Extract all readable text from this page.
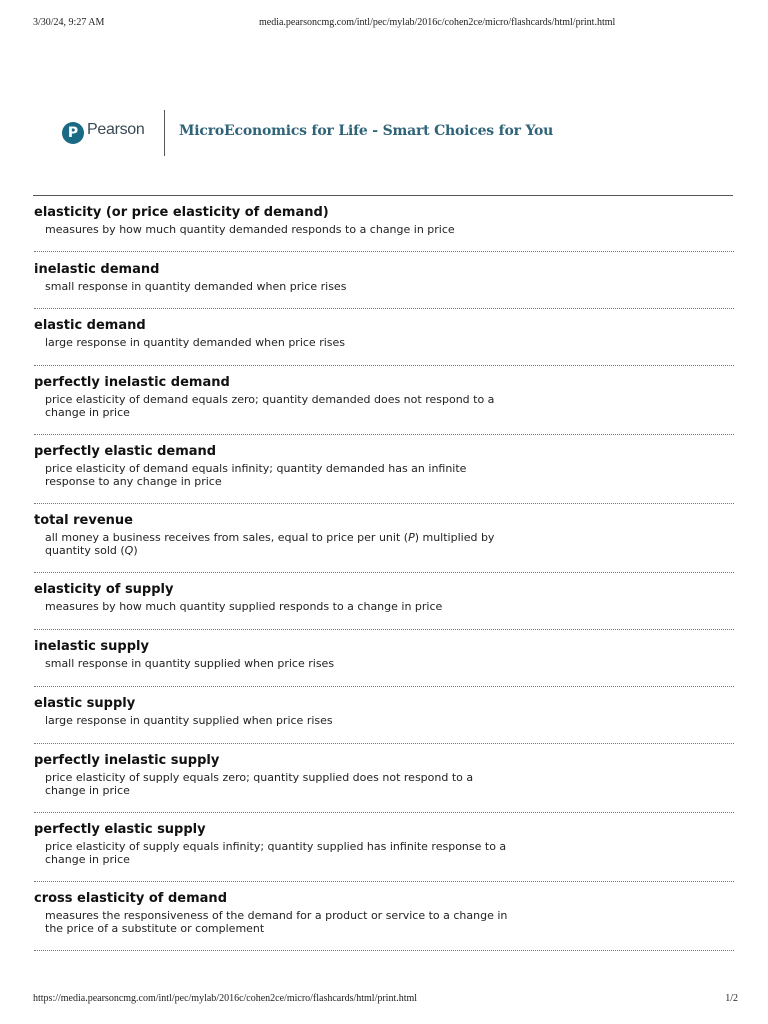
3/30/24, 9:27 AM	media.pearsoncmg.com/intl/pec/mylab/2016c/cohen2ce/micro/flashcards/html/print.html
P Pearson MicroEconomics for Life - Smart Choices for You

elasticity (or price elasticity of demand)

measures by how much quantity demanded responds to a change in price

inelastic demand

small response in quantity demanded when price rises

elastic demand

large response in quantity demanded when price rises

perfectly inelastic demand

price elasticity of demand equals zero; quantity demanded does not respond to a change in price

perfectly elastic demand

price elasticity of demand equals infinity; quantity demanded has an infinite response to any change in price

total revenue

all money a business receives from sales, equal to price per unit (P) multiplied by quantity sold (Q)

elasticity of supply

measures by how much quantity supplied responds to a change in price

inelastic supply

small response in quantity supplied when price rises

elastic supply

large response in quantity supplied when price rises

perfectly inelastic supply

price elasticity of supply equals zero; quantity supplied does not respond to a change in price

perfectly elastic supply

price elasticity of supply equals infinity; quantity supplied has infinite response to a change in price

cross elasticity of demand

measures the responsiveness of the demand for a product or service to a change in the price of a substitute or complement

https://media.pearsoncmg.com/intl/pec/mylab/2016c/cohen2ce/micro/flashcards/html/print.html	1/2
